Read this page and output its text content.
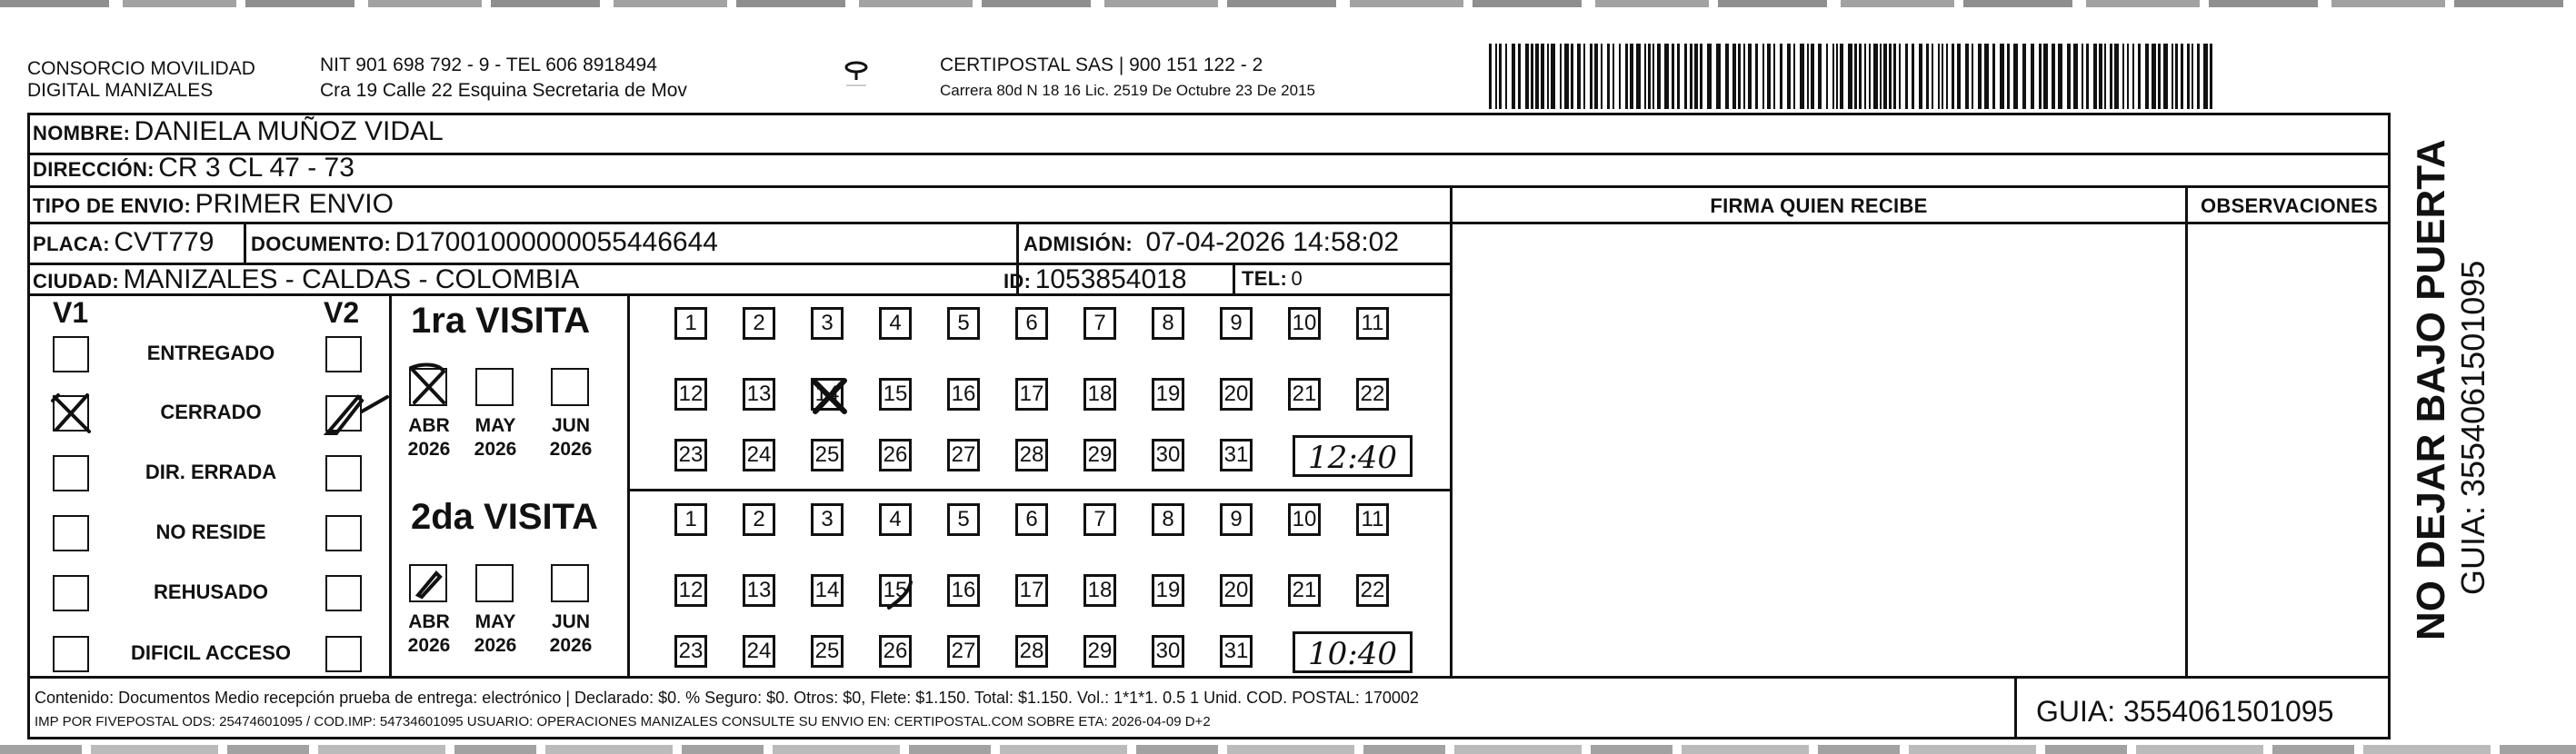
CONSORCIO MOVILIDAD
DIGITAL MANIZALES
NIT 901 698 792 - 9 - TEL 606 8918494
Cra 19 Calle 22 Esquina Secretaria de Mov
CERTIPOSTAL SAS | 900 151 122 - 2
Carrera 80d N 18 16 Lic. 2519 De Octubre 23 De 2015
NOMBRE: DANIELA MUÑOZ VIDAL
DIRECCIÓN: CR 3 CL 47 - 73
TIPO DE ENVIO: PRIMER ENVIO
PLACA: CVT779 DOCUMENTO: D17001000000055446644	ADMISIÓN: 07-04-2026 14:58:02
CIUDAD: MANIZALES - CALDAS - COLOMBIA	ID: 1053854018	TEL: 0
FIRMA QUIEN RECIBE	OBSERVACIONES
V1	V2
ENTREGADO
CERRADO
DIR. ERRADA
NO RESIDE
REHUSADO
DIFICIL ACCESO
1ra VISITA
ABR
2026
MAY
2026
JUN
2026
1	2	3	4	5	6	7	8	9	10 11
12 13 14 15 16 17 18 19 20 21 22
23 24 25 26 27 28 29 30 31	12:40
2da VISITA
ABR
2026
MAY
2026
JUN
2026
1	2	3	4	5	6	7	8	9	10 11
12 13 14 15 16 17 18 19 20 21 22
23 24 25 26 27 28 29 30 31	10:40
Contenido: Documentos Medio recepción prueba de entrega: electrónico | Declarado: $0. % Seguro: $0. Otros: $0, Flete: $1.150. Total: $1.150. Vol.: 1*1*1. 0.5 1 Unid. COD. POSTAL: 170002
IMP POR FIVEPOSTAL ODS: 25474601095 / COD.IMP: 54734601095 USUARIO: OPERACIONES MANIZALES CONSULTE SU ENVIO EN: CERTIPOSTAL.COM SOBRE ETA: 2026-04-09 D+2	GUIA: 3554061501095
NO DEJAR BAJO PUERTA GUIA: 3554061501095
